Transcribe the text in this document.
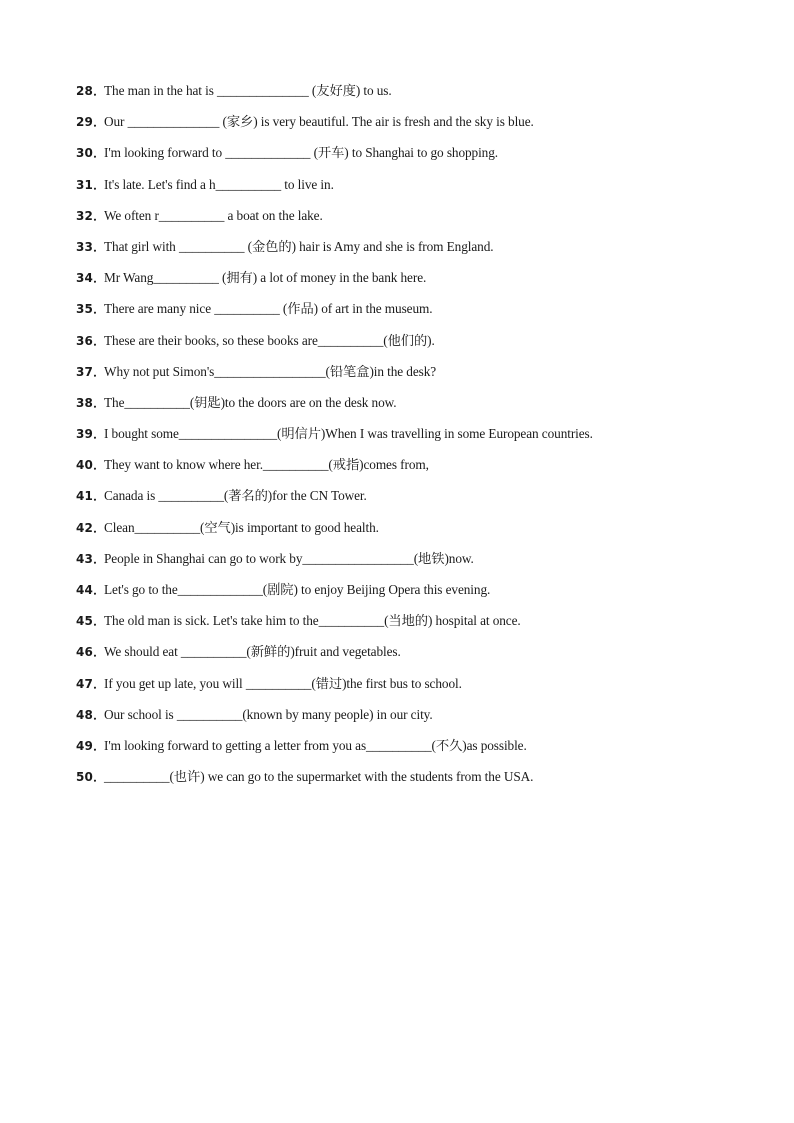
28．
The man in the hat is ______________ (友好度) to us.
29．
Our ______________ (家乡) is very beautiful. The air is fresh and the sky is blue.
30．
I'm looking forward to _____________ (开车) to Shanghai to go shopping.
31．
It's late. Let's find a h__________ to live in.
32．
We often r__________ a boat on the lake.
33．
That girl with __________ (金色的) hair is Amy and she is from England.
34．
Mr Wang__________ (拥有) a lot of money in the bank here.
35．
There are many nice __________ (作品) of art in the museum.
36．
These are their books, so these books are__________(他们的).
37．
Why not put Simon's_________________(铅笔盒)in the desk?
38．
The__________(钥匙)to the doors are on the desk now.
39．
I bought some_______________(明信片)When I was travelling in some European countries.
40．
They want to know where her.__________(戒指)comes from,
41．
Canada is __________(著名的)for the CN Tower.
42．
Clean__________(空气)is important to good health.
43．
People in Shanghai can go to work by_________________(地铁)now.
44．
Let's go to the_____________(剧院) to enjoy Beijing Opera this evening.
45．
The old man is sick. Let's take him to the__________(当地的) hospital at once.
46．
We should eat __________(新鲜的)fruit and vegetables.
47．
If you get up late, you will __________(错过)the first bus to school.
48．
Our school is __________(known by many people) in our city.
49．
I'm looking forward to getting a letter from you as__________(不久)as possible.
50．
__________(也许) we can go to the supermarket with the students from the USA.
